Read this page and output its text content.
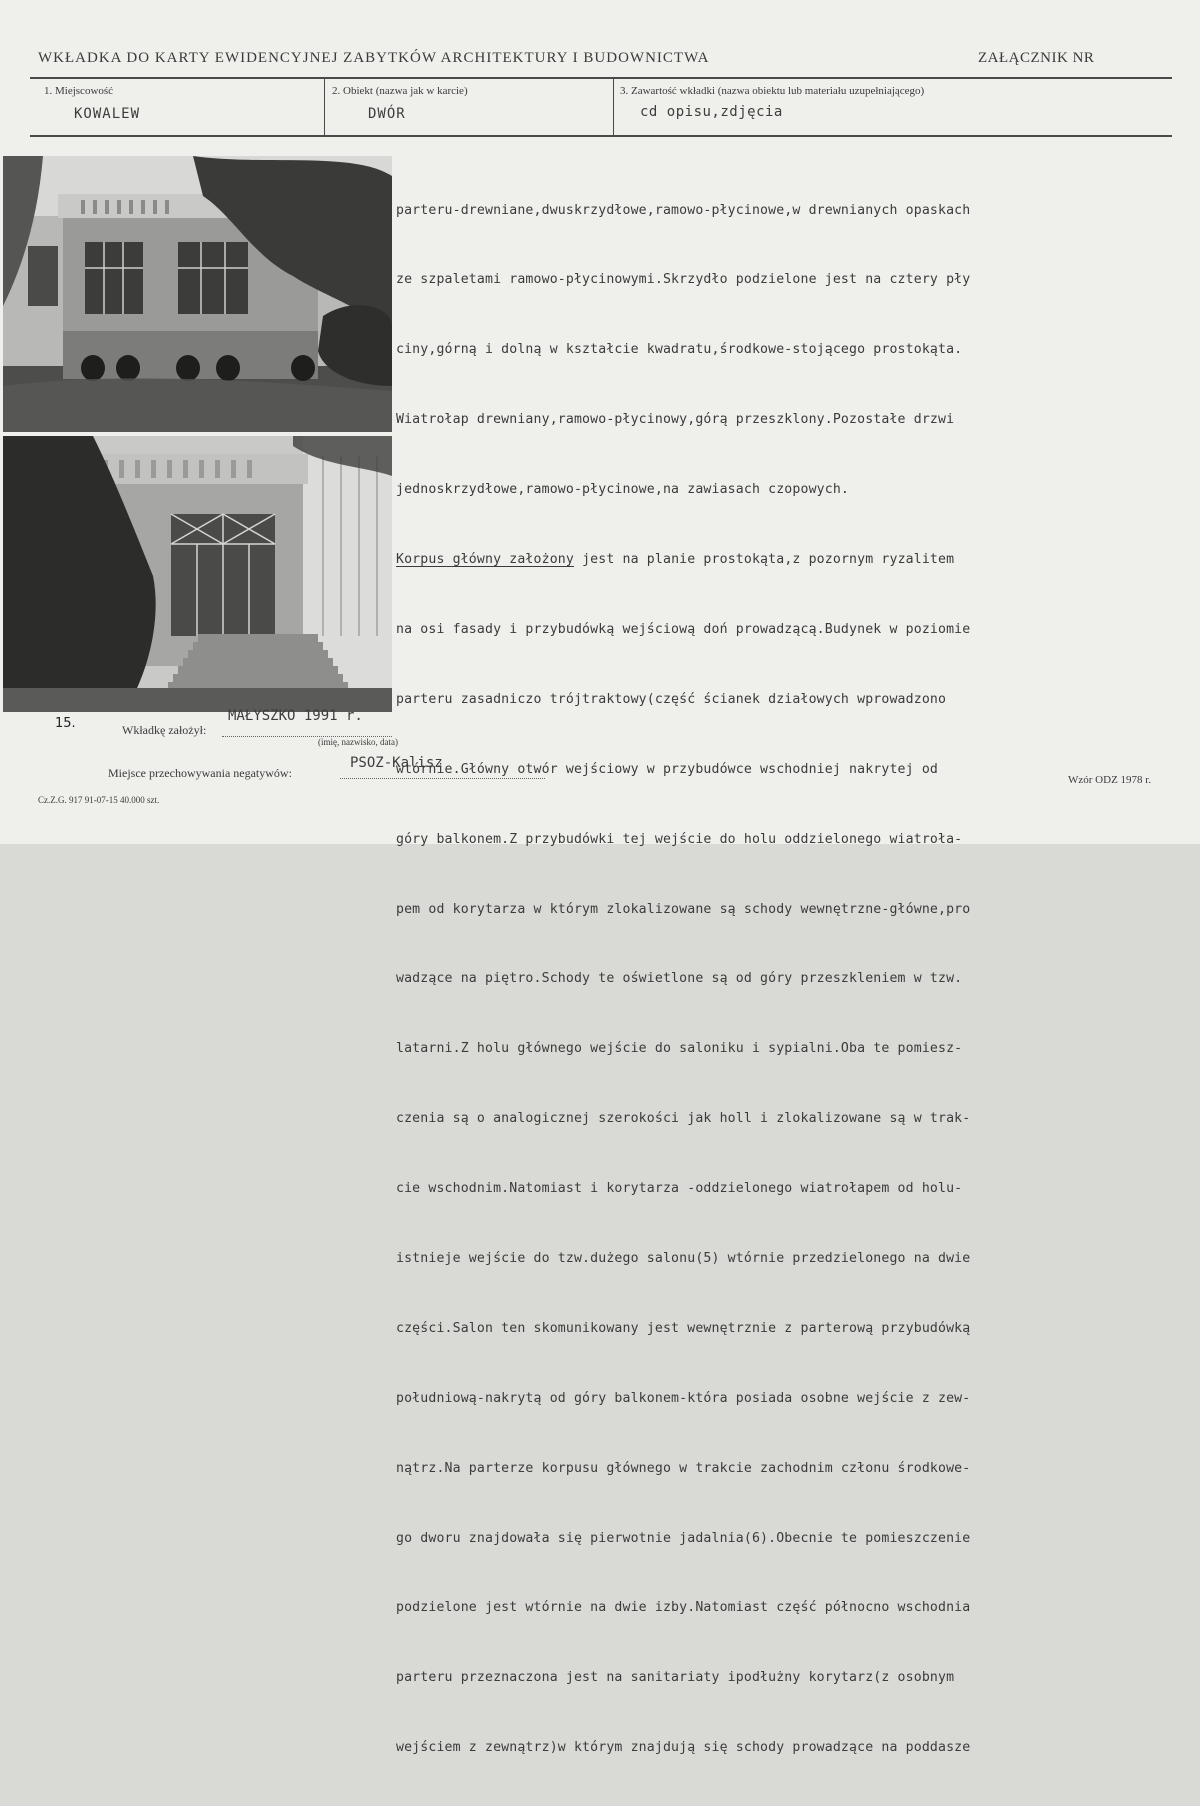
WKŁADKA DO KARTY EWIDENCYJNEJ ZABYTKÓW ARCHITEKTURY I BUDOWNICTWA	ZAŁĄCZNIK NR
1. Miejscowość
KOWALEW
2. Obiekt (nazwa jak w karcie)
DWÓR
3. Zawartość wkładki (nazwa obiektu lub materiału uzupełniającego)
cd opisu,zdjęcia

parteru-drewniane,dwuskrzydłowe,ramowo-płycinowe,w drewnianych opaskach

ze szpaletami ramowo-płycinowymi.Skrzydło podzielone jest na cztery pły

ciny,górną i dolną w kształcie kwadratu,środkowe-stojącego prostokąta.

Wiatrołap drewniany,ramowo-płycinowy,górą przeszklony.Pozostałe drzwi

jednoskrzydłowe,ramowo-płycinowe,na zawiasach czopowych.

Korpus główny założony jest na planie prostokąta,z pozornym ryzalitem

na osi fasady i przybudówką wejściową doń prowadzącą.Budynek w poziomie

parteru zasadniczo trójtraktowy(część ścianek działowych wprowadzono

wtórnie.Główny otwór wejściowy w przybudówce wschodniej nakrytej od

góry balkonem.Z przybudówki tej wejście do holu oddzielonego wiatroła-

pem od korytarza w którym zlokalizowane są schody wewnętrzne-główne,pro

wadzące na piętro.Schody te oświetlone są od góry przeszkleniem w tzw.

latarni.Z holu głównego wejście do saloniku i sypialni.Oba te pomiesz-

czenia są o analogicznej szerokości jak holl i zlokalizowane są w trak-

cie wschodnim.Natomiast i korytarza -oddzielonego wiatrołapem od holu-

istnieje wejście do tzw.dużego salonu(5) wtórnie przedzielonego na dwie

części.Salon ten skomunikowany jest wewnętrznie z parterową przybudówką

południową-nakrytą od góry balkonem-która posiada osobne wejście z zew-

nątrz.Na parterze korpusu głównego w trakcie zachodnim członu środkowe-

go dworu znajdowała się pierwotnie jadalnia(6).Obecnie te pomieszczenie

podzielone jest wtórnie na dwie izby.Natomiast część północno wschodnia

parteru przeznaczona jest na sanitariaty ipodłużny korytarz(z osobnym

wejściem z zewnątrz)w którym znajdują się schody prowadzące na poddasze

15.	Wkładkę założył:
MAŁYSZKO 1991 r.
(imię, nazwisko, data)
Miejsce przechowywania negatywów:
PSOZ-Kalisz
Cz.Z.G. 917 91-07-15 40.000 szt.
Wzór ODZ 1978 r.
